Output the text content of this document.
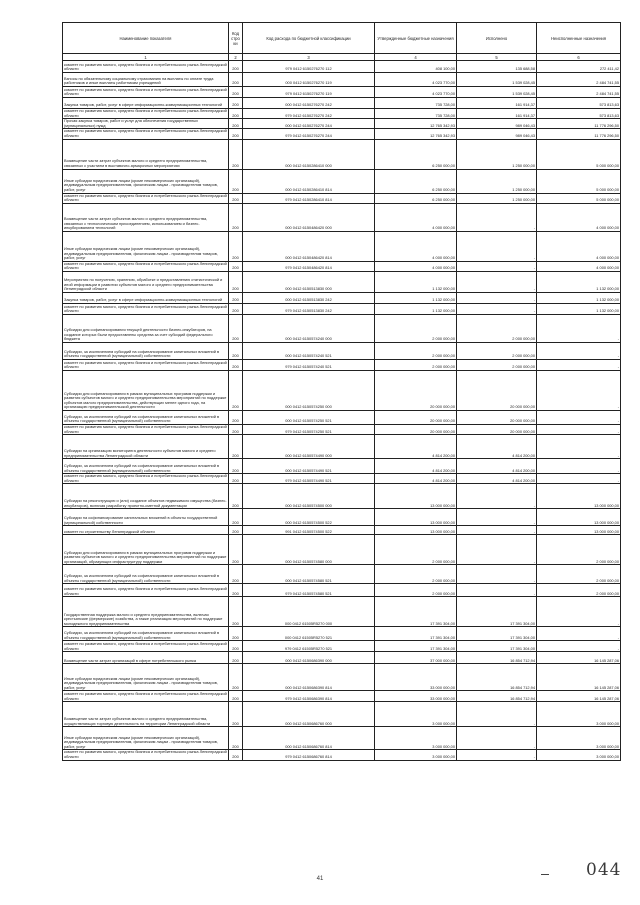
Наименование показателя	Код стро ки	Код расхода по бюджетной классификации	Утвержденные бюджетные назначения	Исполнено	Неисполненные назначения
1	2	3	4	5	6
комитет по развитию малого, среднего бизнеса и потребительского рынка Ленинградской области	200	979 0412 6150276270 112	408 100,00	135 688,58	272 411,42
Взносы по обязательному социальному страхованию на выплаты по оплате труда работников и иные выплаты работникам учреждений	200	000 0412 6150276270 119	4 023 770,00	1 539 028,45	2 484 741,55
комитет по развитию малого, среднего бизнеса и потребительского рынка Ленинградской области	200	979 0412 6150276270 119	4 023 770,00	1 539 028,45	2 484 741,55
Закупка товаров, работ, услуг в сфере информационно-коммуникационных технологий	200	000 0412 6150276270 242	735 728,00	161 914,37	573 813,63
комитет по развитию малого, среднего бизнеса и потребительского рынка Ленинградской области	200	979 0412 6150276270 242	735 728,00	161 914,37	573 813,63
Прочая закупка товаров, работ и услуг для обеспечения государственных (муниципальных) нужд	200	000 0412 6150276270 244	12 765 342,93	989 046,43	11 776 296,50
комитет по развитию малого, среднего бизнеса и потребительского рынка Ленинградской области	200	979 0412 6150276270 244	12 765 342,93	989 046,43	11 776 296,50
Возмещение части затрат субъектов малого и среднего предпринимательства, связанных с участием в выставочно-ярмарочных мероприятиях	200	000 0412 6150286410 000	6 250 000,00	1 250 000,00	5 000 000,00
Иные субсидии юридическим лицам (кроме некоммерческих организаций), индивидуальным предпринимателям, физическим лицам - производителям товаров, работ, услуг	200	000 0412 6150286410 814	6 250 000,00	1 250 000,00	5 000 000,00
комитет по развитию малого, среднего бизнеса и потребительского рынка Ленинградской области	200	979 0412 6150286410 814	6 250 000,00	1 250 000,00	5 000 000,00
Возмещение части затрат субъектов малого и среднего предпринимательства, связанных с технологическим присоединением, использованием и бизнес-инкубированием технологий	200	000 0412 6150486420 000	4 000 000,00	-	4 000 000,00
Иные субсидии юридическим лицам (кроме некоммерческих организаций), индивидуальным предпринимателям, физическим лицам - производителям товаров, работ, услуг	200	000 0412 6150486420 814	4 000 000,00	-	4 000 000,00
комитет по развитию малого, среднего бизнеса и потребительского рынка Ленинградской области	200	979 0412 6150486420 814	4 000 000,00	-	4 000 000,00
Мероприятия по получению, хранению, обработке и предоставлению статистической и иной информации в развитии субъектов малого и среднего предпринимательства Ленинградской области	200	000 0412 6150513830 000	1 132 000,00	-	1 132 000,00
Закупка товаров, работ, услуг в сфере информационно-коммуникационных технологий	200	000 0412 6150513830 242	1 132 000,00	-	1 132 000,00
комитет по развитию малого, среднего бизнеса и потребительского рынка Ленинградской области	200	979 0412 6150513830 242	1 132 000,00	-	1 132 000,00
Субсидии для софинансирования текущей деятельности бизнес-инкубаторов, на создание которых были предоставлены средства за счет субсидий федерального бюджета	200	000 0412 6150574240 000	2 000 000,00	2 000 000,00	-
Субсидии, за исключением субсидий на софинансирование капитальных вложений в объекты государственной (муниципальной) собственности	200	000 0412 6150574240 521	2 000 000,00	2 000 000,00	-
комитет по развитию малого, среднего бизнеса и потребительского рынка Ленинградской области	200	979 0412 6150574240 521	2 000 000,00	2 000 000,00	-
Субсидии для софинансирования в рамках муниципальных программ поддержки и развития субъектов малого и среднего предпринимательства мероприятий по поддержке субъектов малого предпринимательства, действующих менее одного года, на организацию предпринимательской деятельности	200	000 0412 6150574250 000	20 000 000,00	20 000 000,00	-
Субсидии, за исключением субсидий на софинансирование капитальных вложений в объекты государственной (муниципальной) собственности	200	000 0412 6150574250 521	20 000 000,00	20 000 000,00	-
комитет по развитию малого, среднего бизнеса и потребительского рынка Ленинградской области	200	979 0412 6150574250 521	20 000 000,00	20 000 000,00	-
Субсидии на организацию мониторинга деятельности субъектов малого и среднего предпринимательства Ленинградской области	200	000 0412 6150574490 000	4 814 200,00	4 814 200,00	-
Субсидии, за исключением субсидий на софинансирование капитальных вложений в объекты государственной (муниципальной) собственности	200	000 0412 6150574490 521	4 814 200,00	4 814 200,00	-
комитет по развитию малого, среднего бизнеса и потребительского рынка Ленинградской области	200	979 0412 6150574490 521	4 814 200,00	4 814 200,00	-
Субсидии на реконструкцию и (или) создание объектов недвижимого имущества (бизнес-инкубаторов), включая разработку проектно-сметной документации	200	000 0412 6150574500 000	13 000 000,00	-	13 000 000,00
Субсидии на софинансирование капитальных вложений в объекты государственной (муниципальной) собственности	200	000 0412 6150574500 522	13 000 000,00	-	13 000 000,00
комитет по строительству Ленинградской области	200	991 0412 6150574500 522	13 000 000,00	-	13 000 000,00
Субсидии для софинансирования в рамках муниципальных программ поддержки и развития субъектов малого и среднего предпринимательства мероприятий по поддержке организаций, образующих инфраструктуру поддержки	200	000 0412 6150574580 000	2 000 000,00	-	2 000 000,00
Субсидии, за исключением субсидий на софинансирование капитальных вложений в объекты государственной (муниципальной) собственности	200	000 0412 6150574580 521	2 000 000,00	-	2 000 000,00
комитет по развитию малого, среднего бизнеса и потребительского рынка Ленинградской области	200	979 0412 6150574580 521	2 000 000,00	-	2 000 000,00
Государственная поддержка малого и среднего предпринимательства, включая крестьянские (фермерские) хозяйства, а также реализация мероприятий по поддержке молодежного предпринимательства	200	000 0412 61505R5270 000	17 391 304,00	17 391 304,00	-
Субсидии, за исключением субсидий на софинансирование капитальных вложений в объекты государственной (муниципальной) собственности	200	000 0412 61505R5270 521	17 391 304,00	17 391 304,00	-
комитет по развитию малого, среднего бизнеса и потребительского рынка Ленинградской области	200	979 0412 61505R5270 521	17 391 304,00	17 391 304,00	-
Возмещение части затрат организаций в сфере потребительского рынка	200	000 0412 6150686390 000	37 000 000,00	16 854 712,94	16 145 287,06
Иные субсидии юридическим лицам (кроме некоммерческих организаций), индивидуальным предпринимателям, физическим лицам - производителям товаров, работ, услуг	200	000 0412 6150686390 814	33 000 000,00	16 854 712,94	16 145 287,06
комитет по развитию малого, среднего бизнеса и потребительского рынка Ленинградской области	200	979 0412 6150686390 814	33 000 000,00	16 854 712,94	16 145 287,06
Возмещение части затрат субъектов малого и среднего предпринимательства, осуществляющих торговую деятельность на территории Ленинградской области	200	000 0412 6150686760 000	3 000 000,00	-	3 000 000,00
Иные субсидии юридическим лицам (кроме некоммерческих организаций), индивидуальным предпринимателям, физическим лицам - производителям товаров, работ, услуг	200	000 0412 6150686760 814	3 000 000,00	-	3 000 000,00
комитет по развитию малого, среднего бизнеса и потребительского рынка Ленинградской области	200	979 0412 6150686760 814	3 000 000,00	-	3 000 000,00
41	044
